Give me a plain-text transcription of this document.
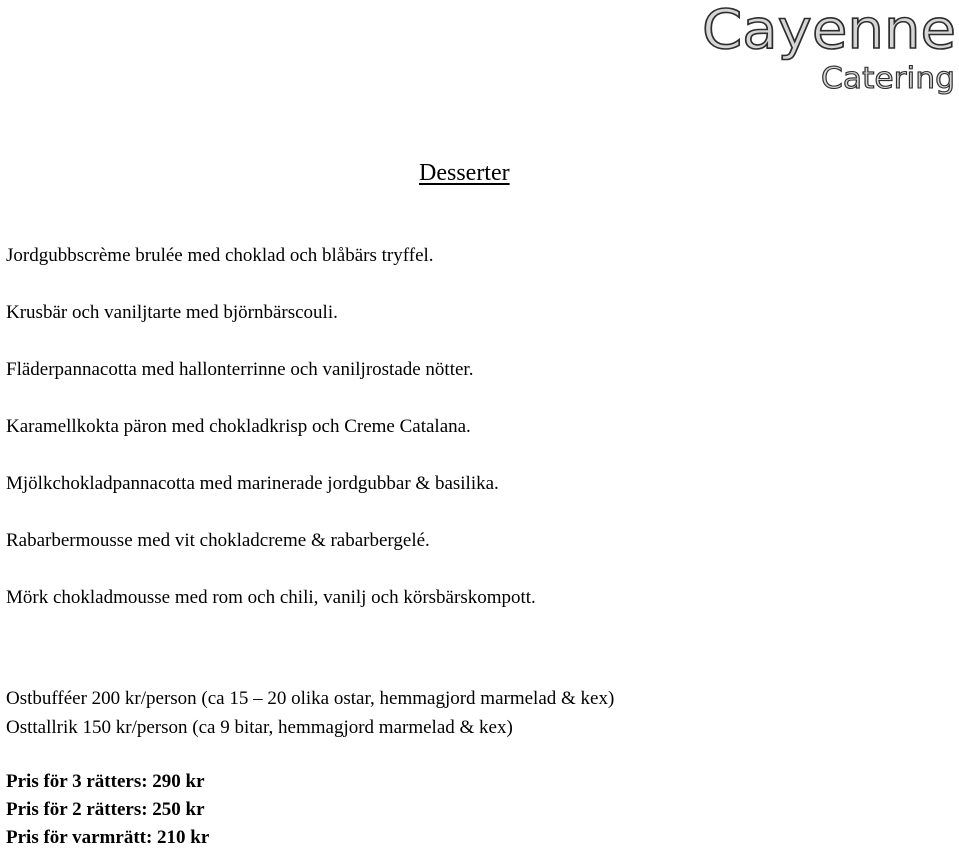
Cayenne
Catering
Desserter
Jordgubbscrème brulée med choklad och blåbärs tryffel.
Krusbär och vaniljtarte med björnbärscouli.
Fläderpannacotta med hallonterrinne och vaniljrostade nötter.
Karamellkokta päron med chokladkrisp och Creme Catalana.
Mjölkchokladpannacotta med marinerade jordgubbar & basilika.
Rabarbermousse med vit chokladcreme & rabarbergelé.
Mörk chokladmousse med rom och chili, vanilj och körsbärskompott.
Ostbufféer 200 kr/person (ca 15 – 20 olika ostar, hemmagjord marmelad & kex)
Osttallrik 150 kr/person (ca 9 bitar, hemmagjord marmelad & kex)
Pris för 3 rätters: 290 kr
Pris för 2 rätters: 250 kr
Pris för varmrätt: 210 kr
